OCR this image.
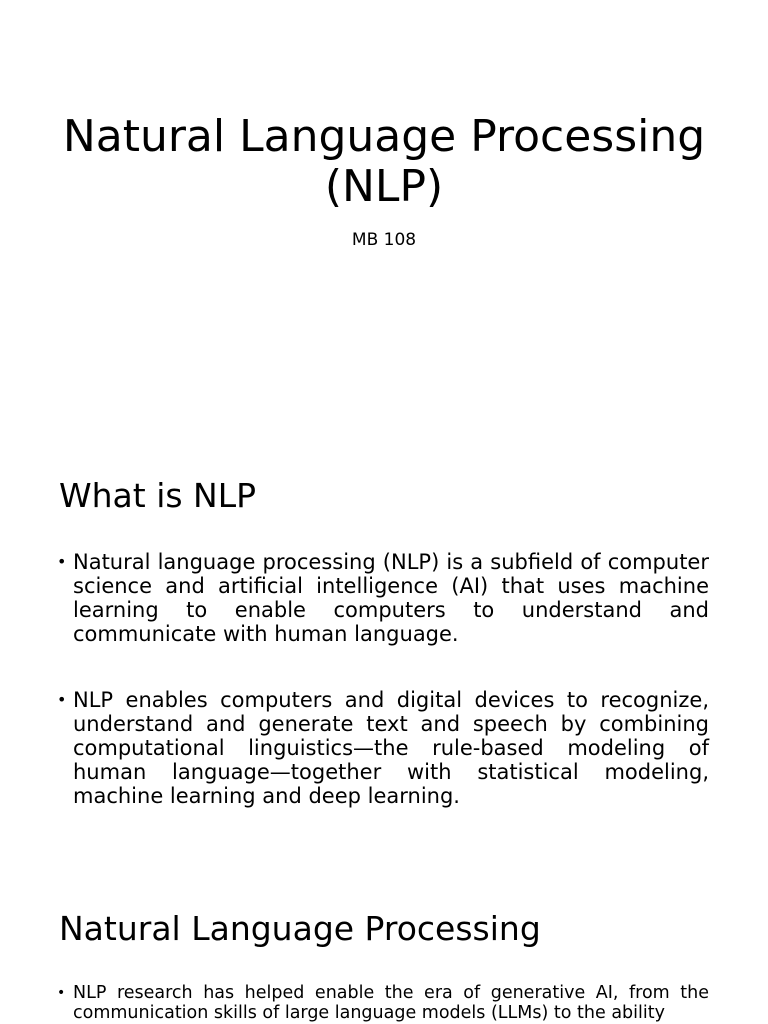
Natural Language Processing (NLP)

MB 108

What is NLP
• Natural language processing (NLP) is a subfield of computer science and artificial intelligence (AI) that uses machine learning to enable computers to understand and communicate with human language.
• NLP enables computers and digital devices to recognize, understand and generate text and speech by combining computational linguistics—the rule-based modeling of human language—together with statistical modeling, machine learning and deep learning.
Natural Language Processing
• NLP research has helped enable the era of generative AI, from the communication skills of large language models (LLMs) to the ability
